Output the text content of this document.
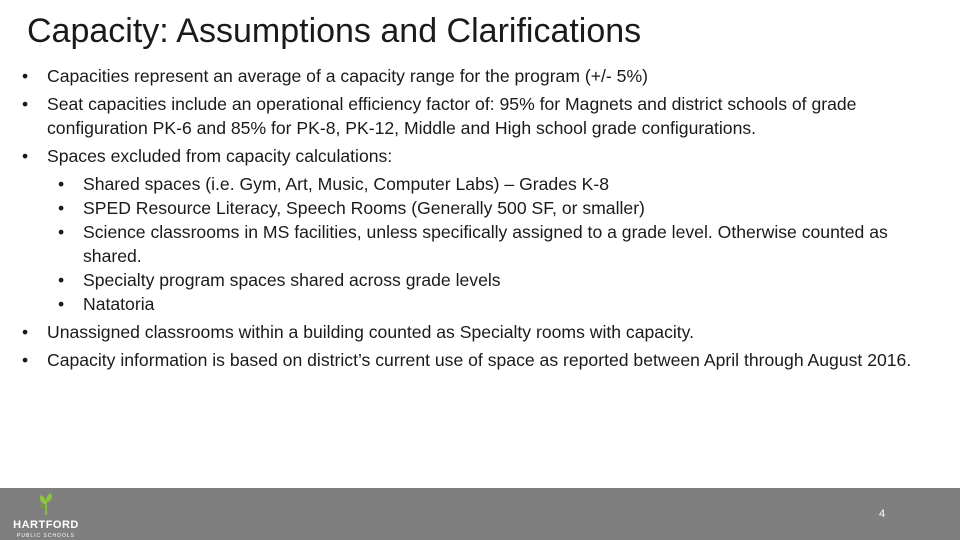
Capacity: Assumptions and Clarifications
• Capacities represent an average of a capacity range for the program (+/- 5%)
• Seat capacities include an operational efficiency factor of: 95% for Magnets and district schools of grade configuration PK-6 and 85% for PK-8, PK-12, Middle and High school grade configurations.
• Spaces excluded from capacity calculations:
• Shared spaces (i.e. Gym, Art, Music, Computer Labs) – Grades K-8
• SPED Resource Literacy, Speech Rooms (Generally 500 SF, or smaller)
• Science classrooms in MS facilities, unless specifically assigned to a grade level. Otherwise counted as shared.
• Specialty program spaces shared across grade levels
• Natatoria
• Unassigned classrooms within a building counted as Specialty rooms with capacity.
• Capacity information is based on district’s current use of space as reported between April through August 2016.
HARTFORD
PUBLIC SCHOOLS
4
